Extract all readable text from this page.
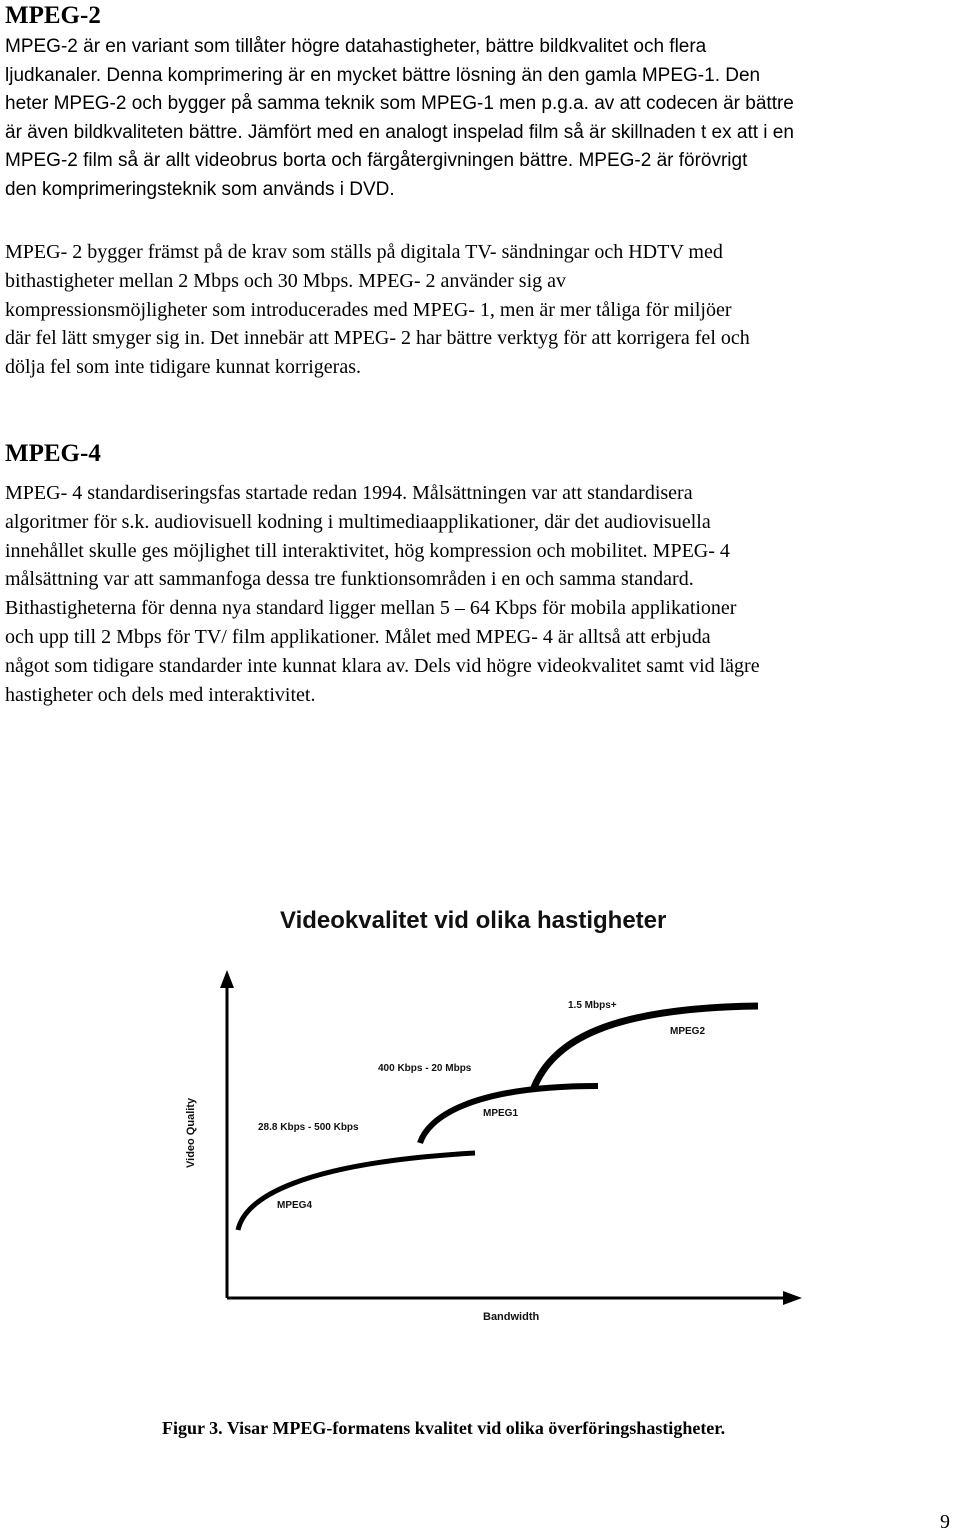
MPEG-2
MPEG-2 är en variant som tillåter högre datahastigheter, bättre bildkvalitet och flera
ljudkanaler. Denna komprimering är en mycket bättre lösning än den gamla MPEG-1. Den
heter MPEG-2 och bygger på samma teknik som MPEG-1 men p.g.a. av att codecen är bättre
är även bildkvaliteten bättre. Jämfört med en analogt inspelad film så är skillnaden t ex att i en
MPEG-2 film så är allt videobrus borta och färgåtergivningen bättre. MPEG-2 är förövrigt
den komprimeringsteknik som används i DVD.
MPEG- 2 bygger främst på de krav som ställs på digitala TV- sändningar och HDTV med
bithastigheter mellan 2 Mbps och 30 Mbps. MPEG- 2 använder sig av
kompressionsmöjligheter som introducerades med MPEG- 1, men är mer tåliga för miljöer
där fel lätt smyger sig in. Det innebär att MPEG- 2 har bättre verktyg för att korrigera fel och
dölja fel som inte tidigare kunnat korrigeras.
MPEG-4
MPEG- 4 standardiseringsfas startade redan 1994. Målsättningen var att standardisera
algoritmer för s.k. audiovisuell kodning i multimediaapplikationer, där det audiovisuella
innehållet skulle ges möjlighet till interaktivitet, hög kompression och mobilitet. MPEG- 4
målsättning var att sammanfoga dessa tre funktionsområden i en och samma standard.
Bithastigheterna för denna nya standard ligger mellan 5 – 64 Kbps för mobila applikationer
och upp till 2 Mbps för TV/ film applikationer. Målet med MPEG- 4 är alltså att erbjuda
något som tidigare standarder inte kunnat klara av. Dels vid högre videokvalitet samt vid lägre
hastigheter och dels med interaktivitet.
Videokvalitet vid olika hastigheter
Video Quality
Bandwidth
MPEG4
28.8 Kbps - 500 Kbps
MPEG1
400 Kbps - 20 Mbps
MPEG2
1.5 Mbps+

Figur 3. Visar MPEG-formatens kvalitet vid olika överföringshastigheter.

9
